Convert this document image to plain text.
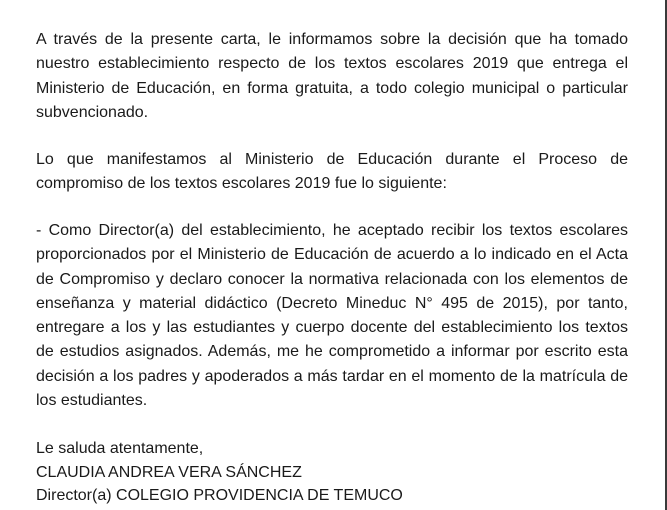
A través de la presente carta, le informamos sobre la decisión que ha tomado nuestro establecimiento respecto de los textos escolares 2019 que entrega el Ministerio de Educación, en forma gratuita, a todo colegio municipal o particular subvencionado.

Lo que manifestamos al Ministerio de Educación durante el Proceso de compromiso de los textos escolares 2019 fue lo siguiente:

- Como Director(a) del establecimiento, he aceptado recibir los textos escolares proporcionados por el Ministerio de Educación de acuerdo a lo indicado en el Acta de Compromiso y declaro conocer la normativa relacionada con los elementos de enseñanza y material didáctico (Decreto Mineduc N° 495 de 2015), por tanto, entregare a los y las estudiantes y cuerpo docente del establecimiento los textos de estudios asignados. Además, me he comprometido a informar por escrito esta decisión a los padres y apoderados a más tardar en el momento de la matrícula de los estudiantes.

Le saluda atentamente,
CLAUDIA ANDREA VERA SÁNCHEZ
Director(a) COLEGIO PROVIDENCIA DE TEMUCO
